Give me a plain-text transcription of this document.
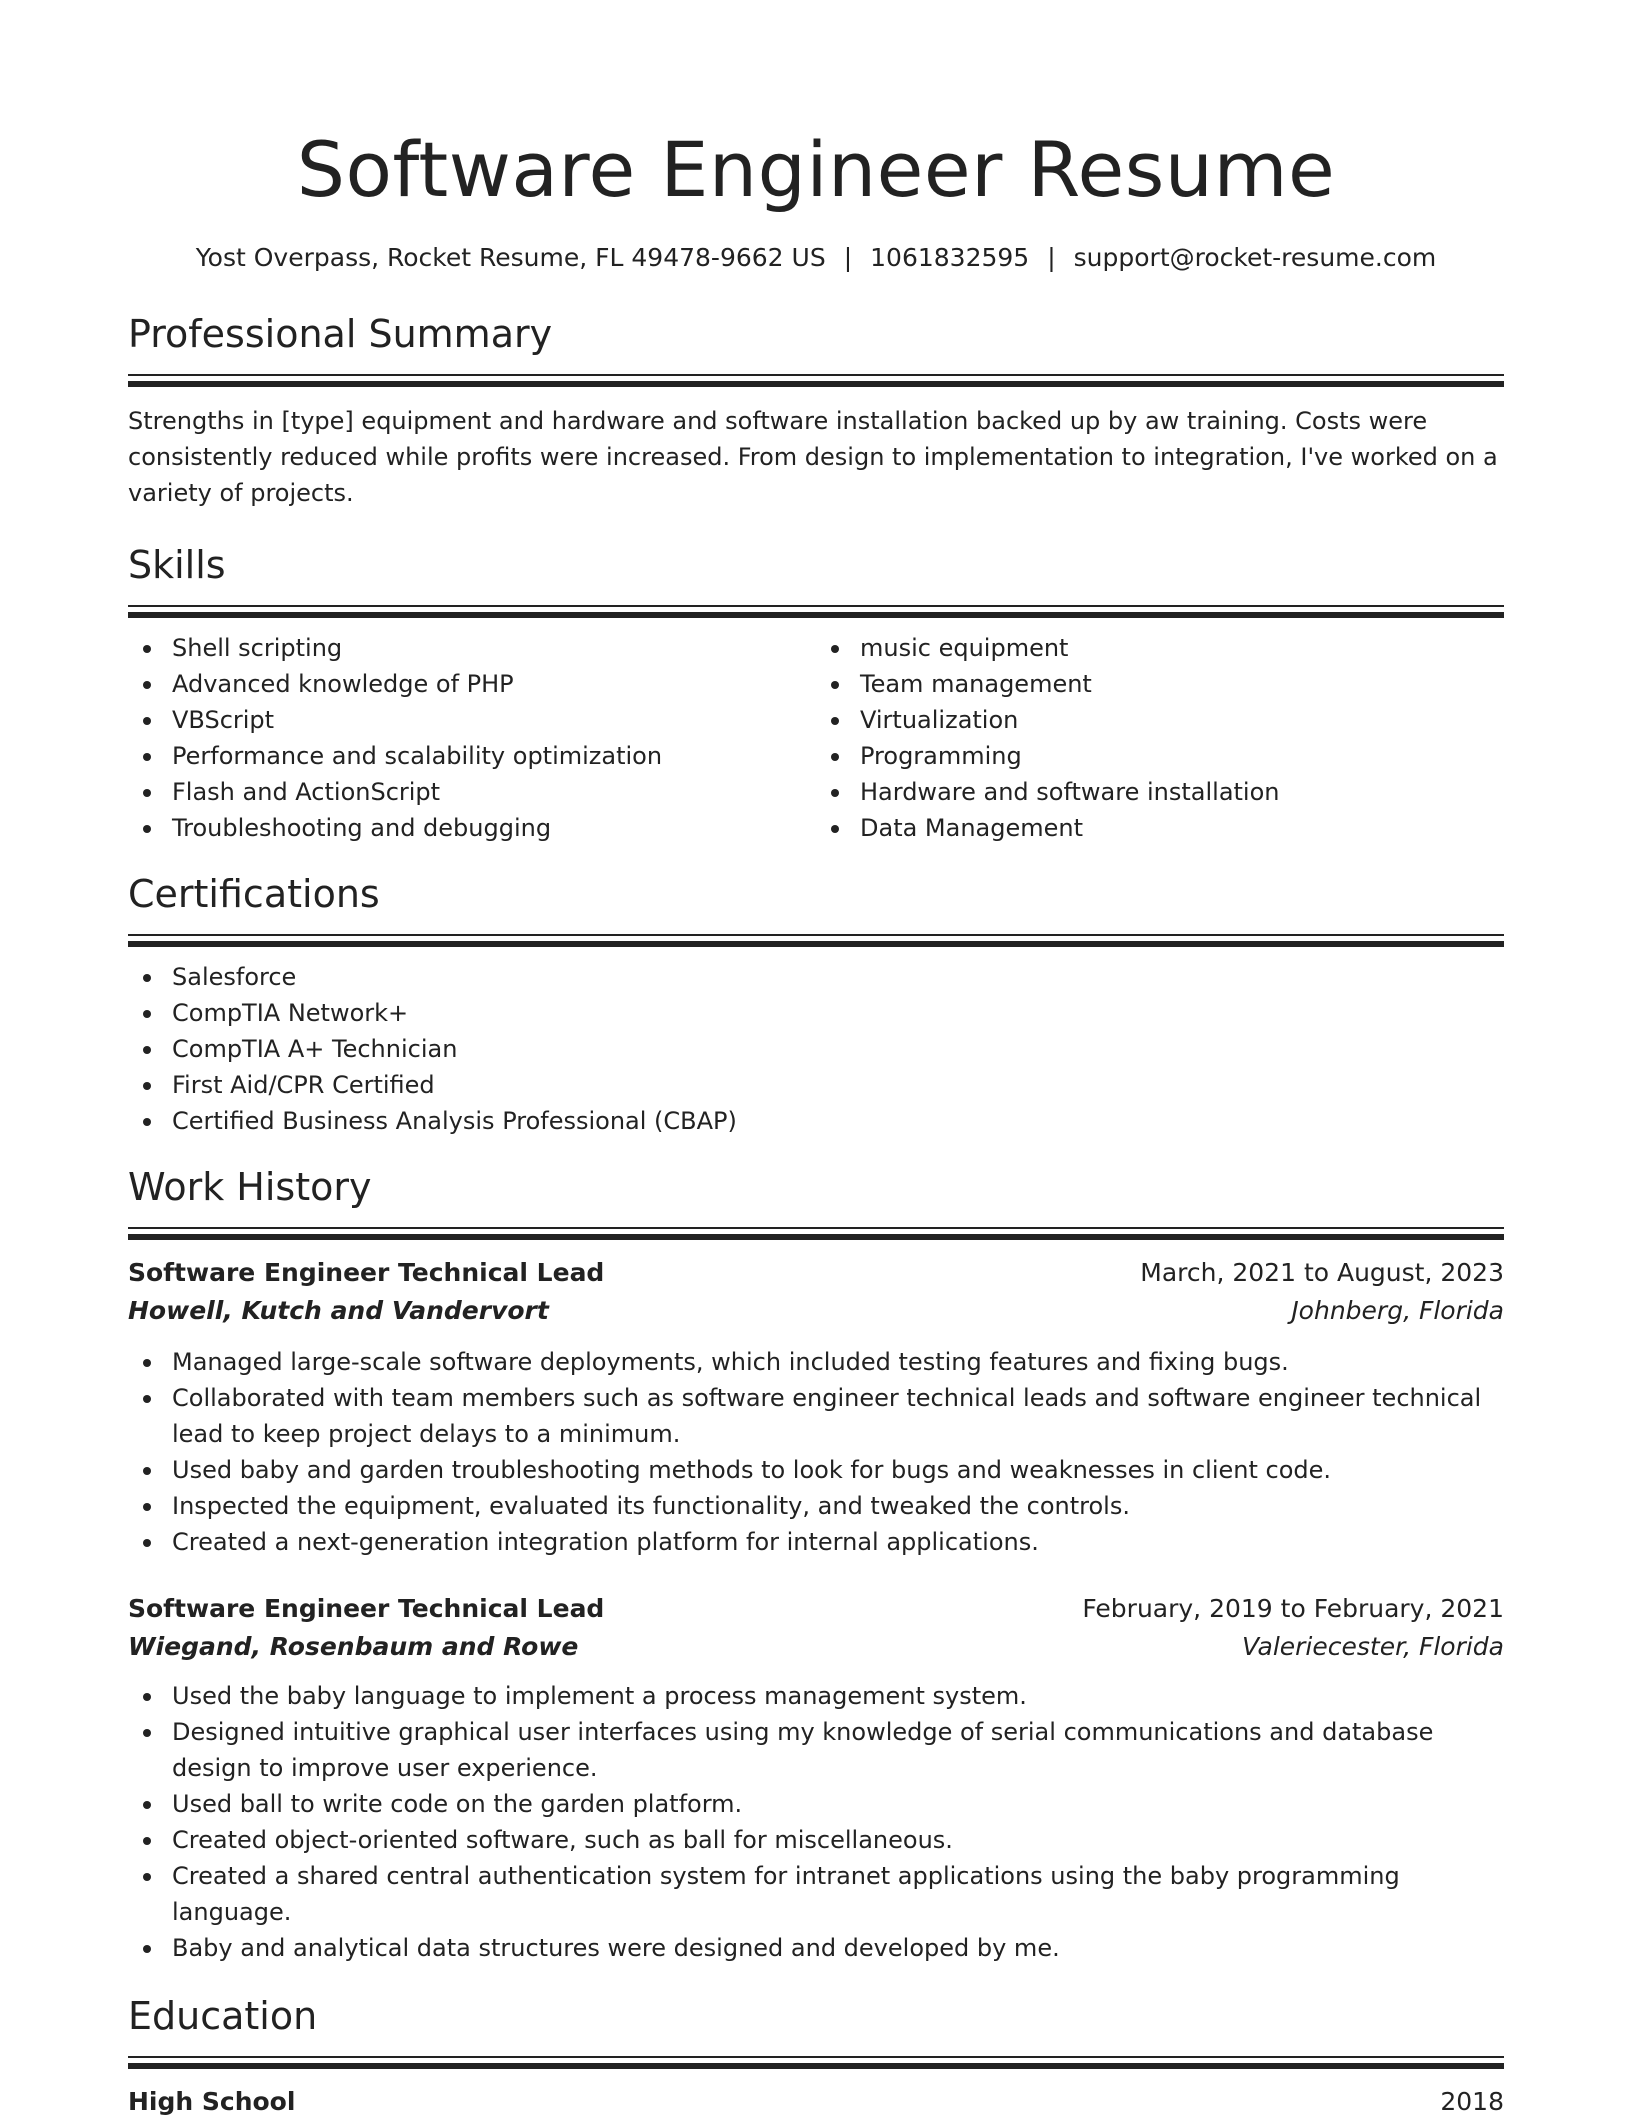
Software Engineer Resume
Yost Overpass, Rocket Resume, FL 49478-9662 US | 1061832595 | support@rocket-resume.com
Professional Summary

Strengths in [type] equipment and hardware and software installation backed up by aw training. Costs were consistently reduced while profits were increased. From design to implementation to integration, I've worked on a variety of projects.

Skills
Shell scripting
Advanced knowledge of PHP
VBScript
Performance and scalability optimization
Flash and ActionScript
Troubleshooting and debugging
music equipment
Team management
Virtualization
Programming
Hardware and software installation
Data Management
Certifications
Salesforce
CompTIA Network+
CompTIA A+ Technician
First Aid/CPR Certified
Certified Business Analysis Professional (CBAP)
Work History
Software Engineer Technical Lead	March, 2021 to August, 2023
Howell, Kutch and Vandervort	Johnberg, Florida
Managed large-scale software deployments, which included testing features and fixing bugs.
Collaborated with team members such as software engineer technical leads and software engineer technical lead to keep project delays to a minimum.
Used baby and garden troubleshooting methods to look for bugs and weaknesses in client code.
Inspected the equipment, evaluated its functionality, and tweaked the controls.
Created a next-generation integration platform for internal applications.
Software Engineer Technical Lead	February, 2019 to February, 2021
Wiegand, Rosenbaum and Rowe	Valeriecester, Florida
Used the baby language to implement a process management system.
Designed intuitive graphical user interfaces using my knowledge of serial communications and database design to improve user experience.
Used ball to write code on the garden platform.
Created object-oriented software, such as ball for miscellaneous.
Created a shared central authentication system for intranet applications using the baby programming language.
Baby and analytical data structures were designed and developed by me.
Education
High School	2018
